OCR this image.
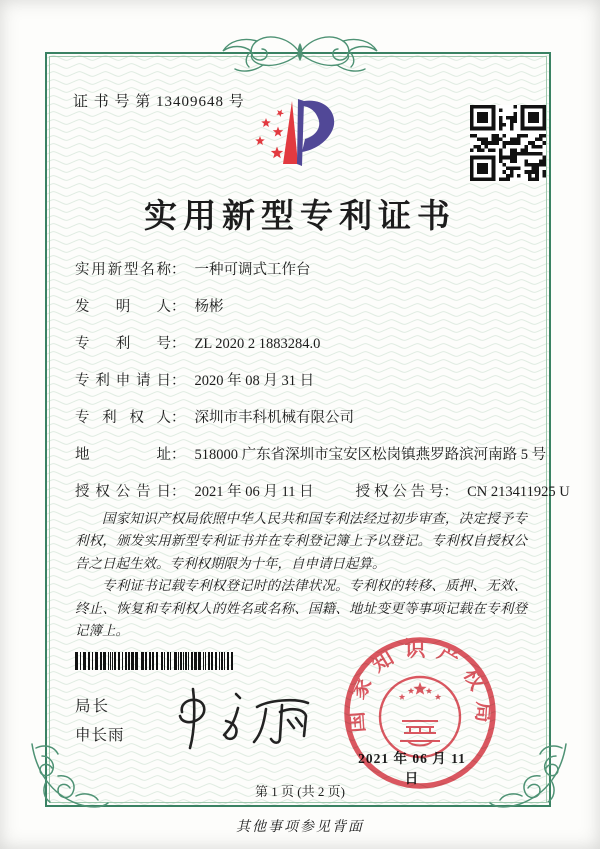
证 书 号 第 13409648 号
实用新型专利证书
实用新型名称： 一种可调式工作台
发明人： 杨彬
专利号： ZL 2020 2 1883284.0
专利申请日： 2020 年 08 月 31 日
专利权人： 深圳市丰科机械有限公司
地址： 518000 广东省深圳市宝安区松岗镇燕罗路滨河南路 5 号
授权公告日： 2021 年 06 月 11 日	授权公告号： CN 213411925 U

国家知识产权局依照中华人民共和国专利法经过初步审查，决定授予专利权，颁发实用新型专利证书并在专利登记簿上予以登记。专利权自授权公告之日起生效。专利权期限为十年，自申请日起算。

专利证书记载专利权登记时的法律状况。专利权的转移、质押、无效、终止、恢复和专利权人的姓名或名称、国籍、地址变更等事项记载在专利登记簿上。

局长
申长雨
2021 年 06 月 11 日
国家知识产权局
第 1 页 (共 2 页)
其他事项参见背面
